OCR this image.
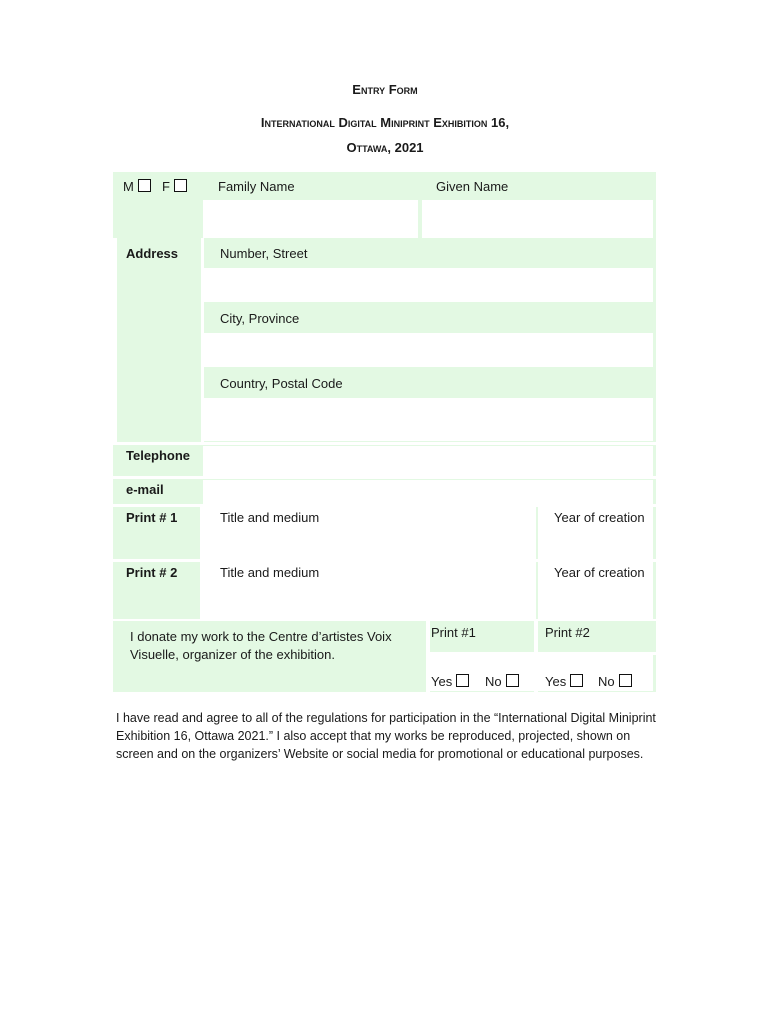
Entry Form
International Digital Miniprint Exhibition 16,
Ottawa, 2021
M	F	Family Name	Given Name
Address	Number, Street
City, Province
Country, Postal Code
Telephone
e-mail
Print # 1	Title and medium	Year of creation
Print # 2	Title and medium	Year of creation
I donate my work to the Centre d’artistes Voix Visuelle, organizer of the exhibition.
Print #1	Print #2
Yes	No	Yes	No
I have read and agree to all of the regulations for participation in the “International Digital Miniprint Exhibition 16, Ottawa 2021.” I also accept that my works be reproduced, projected, shown on screen and on the organizers’ Website or social media for promotional or educational purposes.
